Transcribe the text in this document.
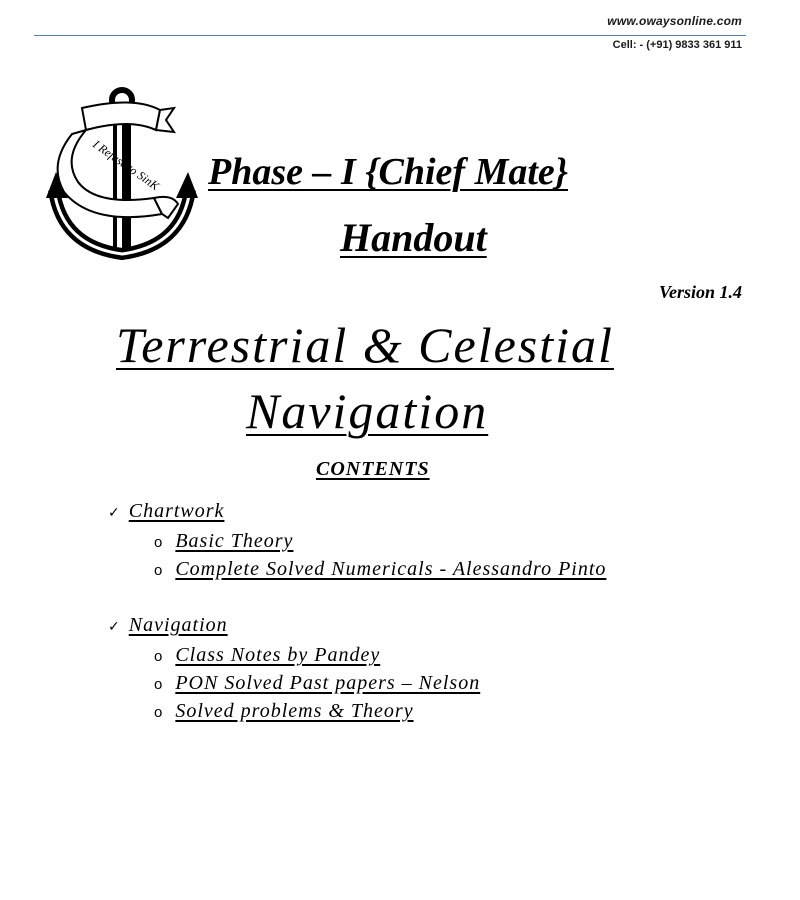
www.owaysonline.com
Cell: - (+91) 9833 361 911
I Refuse to SinK Phase – I {Chief Mate}
Handout
Version 1.4
Terrestrial & Celestial
Navigation
CONTENTS
✓ Chartwork
o Basic Theory
o Complete Solved Numericals - Alessandro Pinto
✓ Navigation
o Class Notes by Pandey
o PON Solved Past papers – Nelson
o Solved problems & Theory
